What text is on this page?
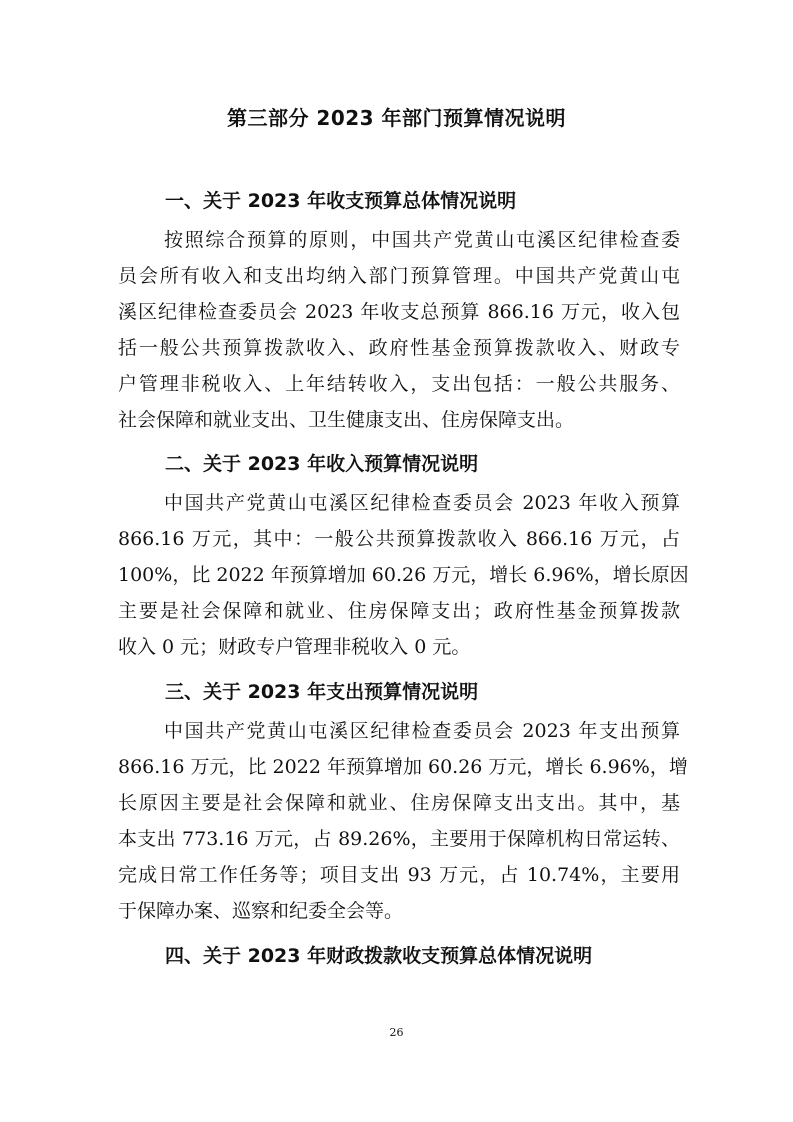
第三部分 2023 年部门预算情况说明
一、关于 2023 年收支预算总体情况说明
按照综合预算的原则，中国共产党黄山屯溪区纪律检查委
员会所有收入和支出均纳入部门预算管理。中国共产党黄山屯
溪区纪律检查委员会 2023 年收支总预算 866.16 万元，收入包
括一般公共预算拨款收入、政府性基金预算拨款收入、财政专
户管理非税收入、上年结转收入，支出包括：一般公共服务、
社会保障和就业支出、卫生健康支出、住房保障支出。
二、关于 2023 年收入预算情况说明
中国共产党黄山屯溪区纪律检查委员会 2023 年收入预算
866.16 万元，其中：一般公共预算拨款收入 866.16 万元，占
100%，比 2022 年预算增加 60.26 万元，增长 6.96%，增长原因
主要是社会保障和就业、住房保障支出；政府性基金预算拨款
收入 0 元；财政专户管理非税收入 0 元。
三、关于 2023 年支出预算情况说明
中国共产党黄山屯溪区纪律检查委员会 2023 年支出预算
866.16 万元，比 2022 年预算增加 60.26 万元，增长 6.96%，增
长原因主要是社会保障和就业、住房保障支出支出。其中，基
本支出 773.16 万元，占 89.26%，主要用于保障机构日常运转、
完成日常工作任务等；项目支出 93 万元，占 10.74%，主要用
于保障办案、巡察和纪委全会等。
四、关于 2023 年财政拨款收支预算总体情况说明
26
